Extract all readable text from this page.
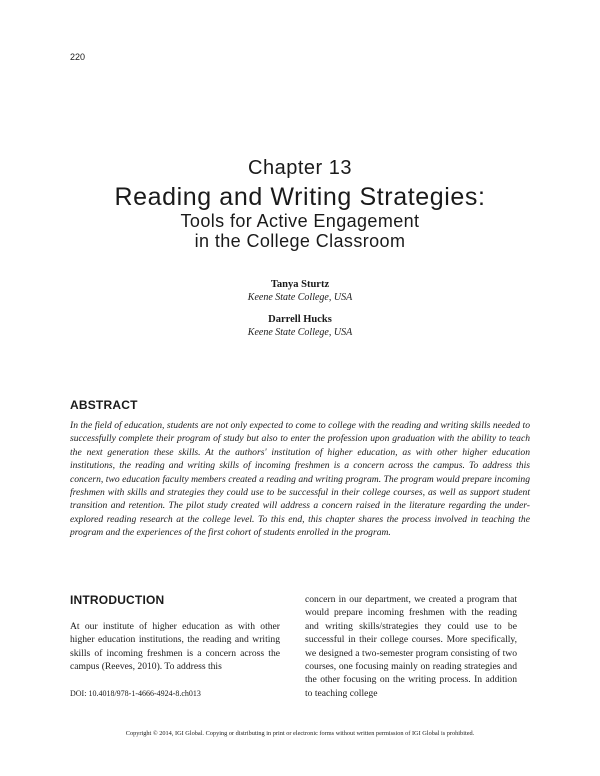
220
Chapter 13
Reading and Writing Strategies:
Tools for Active Engagement
in the College Classroom
Tanya Sturtz
Keene State College, USA
Darrell Hucks
Keene State College, USA
ABSTRACT

In the field of education, students are not only expected to come to college with the reading and writing skills needed to successfully complete their program of study but also to enter the profession upon graduation with the ability to teach the next generation these skills. At the authors' institution of higher education, as with other higher education institutions, the reading and writing skills of incoming freshmen is a concern across the campus. To address this concern, two education faculty members created a reading and writing program. The program would prepare incoming freshmen with skills and strategies they could use to be successful in their college courses, as well as support student transition and retention. The pilot study created will address a concern raised in the literature regarding the under-explored reading research at the college level. To this end, this chapter shares the process involved in teaching the program and the experiences of the first cohort of students enrolled in the program.

INTRODUCTION

At our institute of higher education as with other higher education institutions, the reading and writing skills of incoming freshmen is a concern across the campus (Reeves, 2010). To address this

concern in our department, we created a program that would prepare incoming freshmen with the reading and writing skills/strategies they could use to be successful in their college courses. More specifically, we designed a two-semester program consisting of two courses, one focusing mainly on reading strategies and the other focusing on the writing process. In addition to teaching college

DOI: 10.4018/978-1-4666-4924-8.ch013
Copyright © 2014, IGI Global. Copying or distributing in print or electronic forms without written permission of IGI Global is prohibited.
